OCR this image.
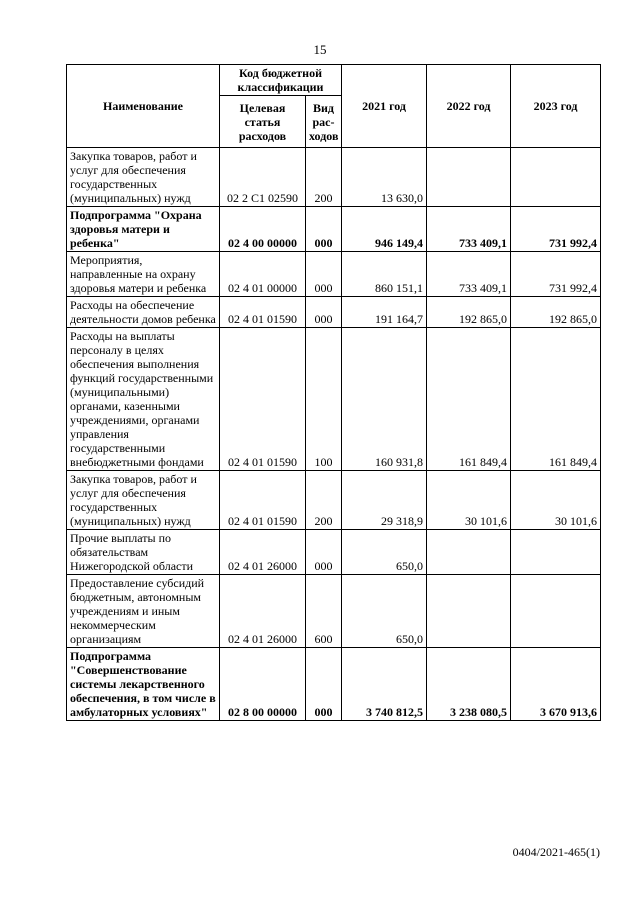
15
Наименование	Код бюджетной классификации		2021 год	2022 год	2023 год
	Целевая статья расходов	Вид рас-ходов			
Закупка товаров, работ и услуг для обеспечения государственных (муниципальных) нужд	02 2 С1 02590	200	13 630,0		
Подпрограмма "Охрана здоровья матери и ребенка"	02 4 00 00000	000	946 149,4	733 409,1	731 992,4
Мероприятия, направленные на охрану здоровья матери и ребенка	02 4 01 00000	000	860 151,1	733 409,1	731 992,4
Расходы на обеспечение деятельности домов ребенка	02 4 01 01590	000	191 164,7	192 865,0	192 865,0
Расходы на выплаты персоналу в целях обеспечения выполнения функций государственными (муниципальными) органами, казенными учреждениями, органами управления государственными внебюджетными фондами	02 4 01 01590	100	160 931,8	161 849,4	161 849,4
Закупка товаров, работ и услуг для обеспечения государственных (муниципальных) нужд	02 4 01 01590	200	29 318,9	30 101,6	30 101,6
Прочие выплаты по обязательствам Нижегородской области	02 4 01 26000	000	650,0		
Предоставление субсидий бюджетным, автономным учреждениям и иным некоммерческим организациям	02 4 01 26000	600	650,0		
Подпрограмма "Совершенствование системы лекарственного обеспечения, в том числе в амбулаторных условиях"	02 8 00 00000	000	3 740 812,5	3 238 080,5	3 670 913,6
0404/2021-465(1)
